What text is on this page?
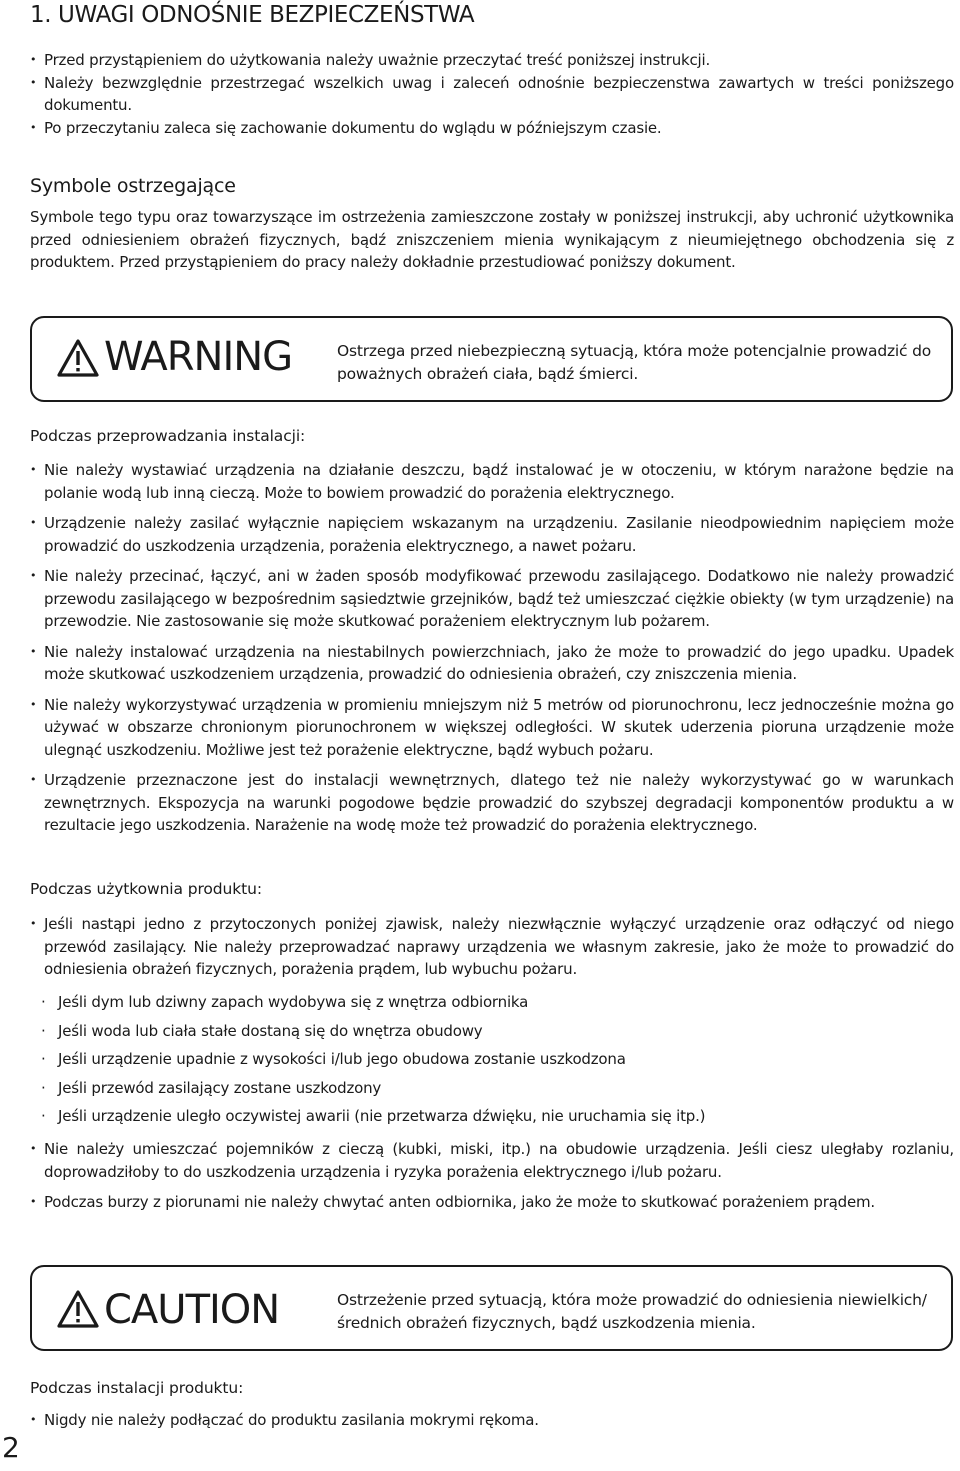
1. UWAGI ODNOŚNIE BEZPIECZEŃSTWA
• Przed przystąpieniem do użytkowania należy uważnie przeczytać treść poniższej instrukcji.
• Należy bezwzględnie przestrzegać wszelkich uwag i zaleceń odnośnie bezpieczenstwa zawartych w treści poniższego dokumentu.
• Po przeczytaniu zaleca się zachowanie dokumentu do wglądu w późniejszym czasie.
Symbole ostrzegające

Symbole tego typu oraz towarzyszące im ostrzeżenia zamieszczone zostały w poniższej instrukcji, aby uchronić użytkownika przed odniesieniem obrażeń fizycznych, bądź zniszczeniem mienia wynikającym z nieumiejętnego obchodzenia się z produktem. Przed przystąpieniem do pracy należy dokładnie przestudiować poniższy dokument.

WARNING	Ostrzega przed niebezpieczną sytuacją, która może potencjalnie prowadzić do poważnych obrażeń ciała, bądź śmierci.
Podczas przeprowadzania instalacji:
• Nie należy wystawiać urządzenia na działanie deszczu, bądź instalować je w otoczeniu, w którym narażone będzie na polanie wodą lub inną cieczą. Może to bowiem prowadzić do porażenia elektrycznego.
• Urządzenie należy zasilać wyłącznie napięciem wskazanym na urządzeniu. Zasilanie nieodpowiednim napięciem może prowadzić do uszkodzenia urządzenia, porażenia elektrycznego, a nawet pożaru.
• Nie należy przecinać, łączyć, ani w żaden sposób modyfikować przewodu zasilającego. Dodatkowo nie należy prowadzić przewodu zasilającego w bezpośrednim sąsiedztwie grzejników, bądź też umieszczać ciężkie obiekty (w tym urządzenie) na przewodzie. Nie zastosowanie się może skutkować porażeniem elektrycznym lub pożarem.
• Nie należy instalować urządzenia na niestabilnych powierzchniach, jako że może to prowadzić do jego upadku. Upadek może skutkować uszkodzeniem urządzenia, prowadzić do odniesienia obrażeń, czy zniszczenia mienia.
• Nie należy wykorzystywać urządzenia w promieniu mniejszym niż 5 metrów od piorunochronu, lecz jednocześnie można go używać w obszarze chronionym piorunochronem w większej odległości. W skutek uderzenia pioruna urządzenie może ulegnąć uszkodzeniu. Możliwe jest też porażenie elektryczne, bądź wybuch pożaru.
• Urządzenie przeznaczone jest do instalacji wewnętrznych, dlatego też nie należy wykorzystywać go w warunkach zewnętrznych. Ekspozycja na warunki pogodowe będzie prowadzić do szybszej degradacji komponentów produktu a w rezultacie jego uszkodzenia. Narażenie na wodę może też prowadzić do porażenia elektrycznego.
Podczas użytkownia produktu:
• Jeśli nastąpi jedno z przytoczonych poniżej zjawisk, należy niezwłącznie wyłączyć urządzenie oraz odłączyć od niego przewód zasilający. Nie należy przeprowadzać naprawy urządzenia we własnym zakresie, jako że może to prowadzić do odniesienia obrażeń fizycznych, porażenia prądem, lub wybuchu pożaru.
· Jeśli dym lub dziwny zapach wydobywa się z wnętrza odbiornika
· Jeśli woda lub ciała stałe dostaną się do wnętrza obudowy
· Jeśli urządzenie upadnie z wysokości i/lub jego obudowa zostanie uszkodzona
· Jeśli przewód zasilający zostane uszkodzony
· Jeśli urządzenie uległo oczywistej awarii (nie przetwarza dźwięku, nie uruchamia się itp.)
• Nie należy umieszczać pojemników z cieczą (kubki, miski, itp.) na obudowie urządzenia. Jeśli ciesz uległaby rozlaniu, doprowadziłoby to do uszkodzenia urządzenia i ryzyka porażenia elektrycznego i/lub pożaru.
• Podczas burzy z piorunami nie należy chwytać anten odbiornika, jako że może to skutkować porażeniem prądem.
CAUTION	Ostrzeżenie przed sytuacją, która może prowadzić do odniesienia niewielkich/średnich obrażeń fizycznych, bądź uszkodzenia mienia.
Podczas instalacji produktu:
• Nigdy nie należy podłączać do produktu zasilania mokrymi rękoma.
2
